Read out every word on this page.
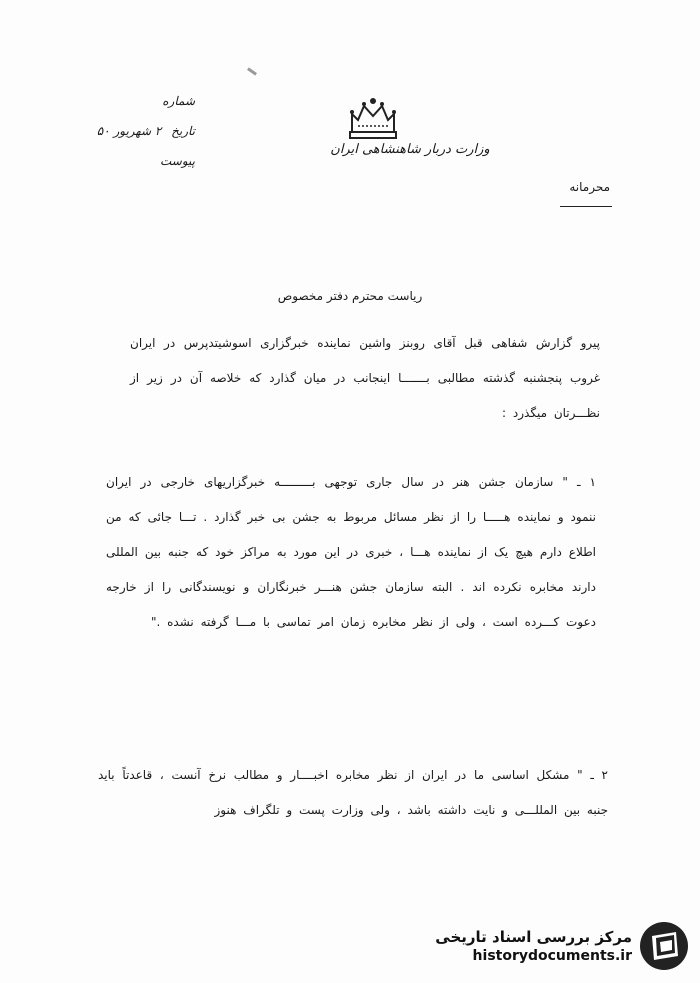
وزارت دربار شاهنشاهی ایران
شماره
تاریخ ۲ شهریور ۵۰
پیوست
محرمانه
ریاست محترم دفتر مخصوص
پیرو گزارش شفاهی قبل آقای روبنز واشین نماینده خبرگزاری اسوشیتدپرس در ایران غروب پنجشنبه گذشته مطالبی بـــــــا اینجانب در میان گذارد که خلاصه آن در زیر از نظـــرتان میگذرد :
۱ ـ " سازمان جشن هنر در سال جاری توجهی بـــــــــه خبرگزاریهای خارجی در ایران ننمود و نماینده هـــــا را از نظر مسائل مربوط به جشن بی خبر گذارد . تـــا جائی که من اطلاع دارم هیچ یک از نماینده هـــا ، خبری در این مورد به مراکز خود که جنبه بین المللی دارند مخابره نکرده اند . البته سازمان جشن هنـــر خبرنگاران و نویسندگانی را از خارجه دعوت کـــرده است ، ولی از نظر مخابره زمان امر تماسی با مـــا گرفته نشده ."
۲ ـ " مشکل اساسی ما در ایران از نظر مخابره اخبــــار و مطالب نرخ آنست ، قاعدتاً باید جنبه بین المللـــی و نایت داشته باشد ، ولی وزارت پست و تلگراف هنوز
مرکز بررسی اسناد تاریخی
historydocuments.ir
